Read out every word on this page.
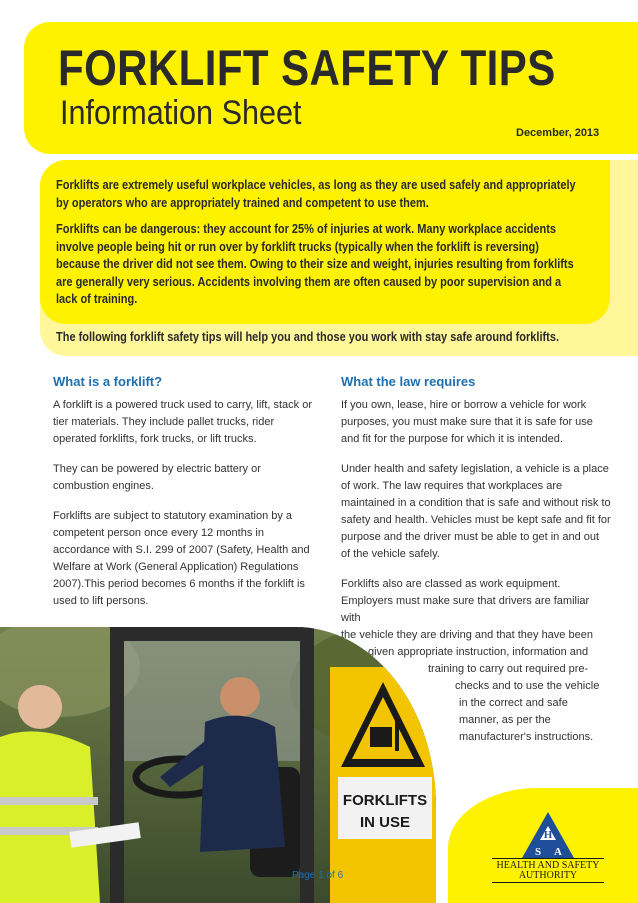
FORKLIFT SAFETY TIPS
Information Sheet
December, 2013

Forklifts are extremely useful workplace vehicles, as long as they are used safely and appropriately by operators who are appropriately trained and competent to use them.

Forklifts can be dangerous: they account for 25% of injuries at work. Many workplace accidents involve people being hit or run over by forklift trucks (typically when the forklift is reversing) because the driver did not see them. Owing to their size and weight, injuries resulting from forklifts are generally very serious. Accidents involving them are often caused by poor supervision and a lack of training.

The following forklift safety tips will help you and those you work with stay safe around forklifts.
What is a forklift?

A forklift is a powered truck used to carry, lift, stack or tier materials. They include pallet trucks, rider operated forklifts, fork trucks, or lift trucks.

They can be powered by electric battery or combustion engines.

Forklifts are subject to statutory examination by a competent person once every 12 months in accordance with S.I. 299 of 2007 (Safety, Health and Welfare at Work (General Application) Regulations 2007).This period becomes 6 months if the forklift is used to lift persons.

What the law requires

If you own, lease, hire or borrow a vehicle for work purposes, you must make sure that it is safe for use and fit for the purpose for which it is intended.

Under health and safety legislation, a vehicle is a place of work. The law requires that workplaces are maintained in a condition that is safe and without risk to safety and health. Vehicles must be kept safe and fit for purpose and the driver must be able to get in and out of the vehicle safely.

Forklifts also are classed as work equipment.
Employers must make sure that drivers are familiar with
the vehicle they are driving and that they have been
given appropriate instruction, information and
training to carry out required pre-
checks and to use the vehicle
in the correct and safe
manner, as per the
manufacturer's instructions.

FORKLIFTS
IN USE
H
S A
HEALTH AND SAFETY
AUTHORITY
Page 1 of 6
